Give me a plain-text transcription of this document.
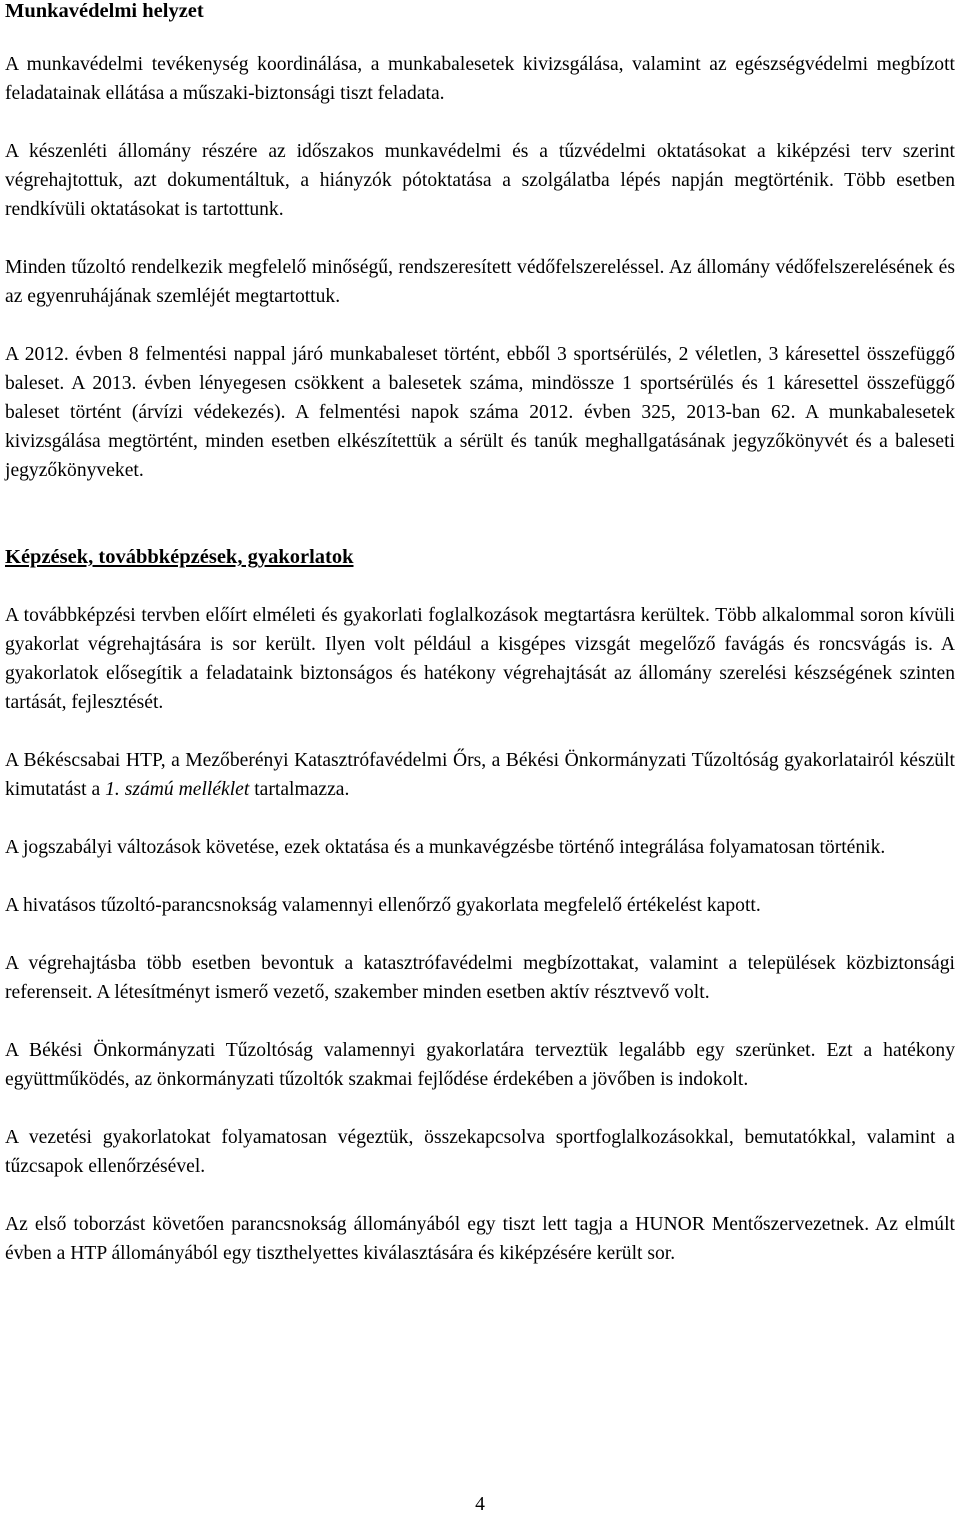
Munkavédelmi helyzet

A munkavédelmi tevékenység koordinálása, a munkabalesetek kivizsgálása, valamint az egészségvédelmi megbízott feladatainak ellátása a műszaki-biztonsági tiszt feladata.

A készenléti állomány részére az időszakos munkavédelmi és a tűzvédelmi oktatásokat a kiképzési terv szerint végrehajtottuk, azt dokumentáltuk, a hiányzók pótoktatása a szolgálatba lépés napján megtörténik. Több esetben rendkívüli oktatásokat is tartottunk.

Minden tűzoltó rendelkezik megfelelő minőségű, rendszeresített védőfelszereléssel. Az állomány védőfelszerelésének és az egyenruhájának szemléjét megtartottuk.

A 2012. évben 8 felmentési nappal járó munkabaleset történt, ebből 3 sportsérülés, 2 véletlen, 3 káresettel összefüggő baleset. A 2013. évben lényegesen csökkent a balesetek száma, mindössze 1 sportsérülés és 1 káresettel összefüggő baleset történt (árvízi védekezés). A felmentési napok száma 2012. évben 325, 2013-ban 62. A munkabalesetek kivizsgálása megtörtént, minden esetben elkészítettük a sérült és tanúk meghallgatásának jegyzőkönyvét és a baleseti jegyzőkönyveket.

Képzések, továbbképzések, gyakorlatok

A továbbképzési tervben előírt elméleti és gyakorlati foglalkozások megtartásra kerültek. Több alkalommal soron kívüli gyakorlat végrehajtására is sor került. Ilyen volt például a kisgépes vizsgát megelőző favágás és roncsvágás is. A gyakorlatok elősegítik a feladataink biztonságos és hatékony végrehajtását az állomány szerelési készségének szinten tartását, fejlesztését.

A Békéscsabai HTP, a Mezőberényi Katasztrófavédelmi Őrs, a Békési Önkormányzati Tűzoltóság gyakorlatairól készült kimutatást a 1. számú melléklet tartalmazza.

A jogszabályi változások követése, ezek oktatása és a munkavégzésbe történő integrálása folyamatosan történik.

A hivatásos tűzoltó-parancsnokság valamennyi ellenőrző gyakorlata megfelelő értékelést kapott.

A végrehajtásba több esetben bevontuk a katasztrófavédelmi megbízottakat, valamint a települések közbiztonsági referenseit. A létesítményt ismerő vezető, szakember minden esetben aktív résztvevő volt.

A Békési Önkormányzati Tűzoltóság valamennyi gyakorlatára terveztük legalább egy szerünket. Ezt a hatékony együttműködés, az önkormányzati tűzoltók szakmai fejlődése érdekében a jövőben is indokolt.

A vezetési gyakorlatokat folyamatosan végeztük, összekapcsolva sportfoglalkozásokkal, bemutatókkal, valamint a tűzcsapok ellenőrzésével.

Az első toborzást követően parancsnokság állományából egy tiszt lett tagja a HUNOR Mentőszervezetnek. Az elmúlt évben a HTP állományából egy tiszthelyettes kiválasztására és kiképzésére került sor.

4
